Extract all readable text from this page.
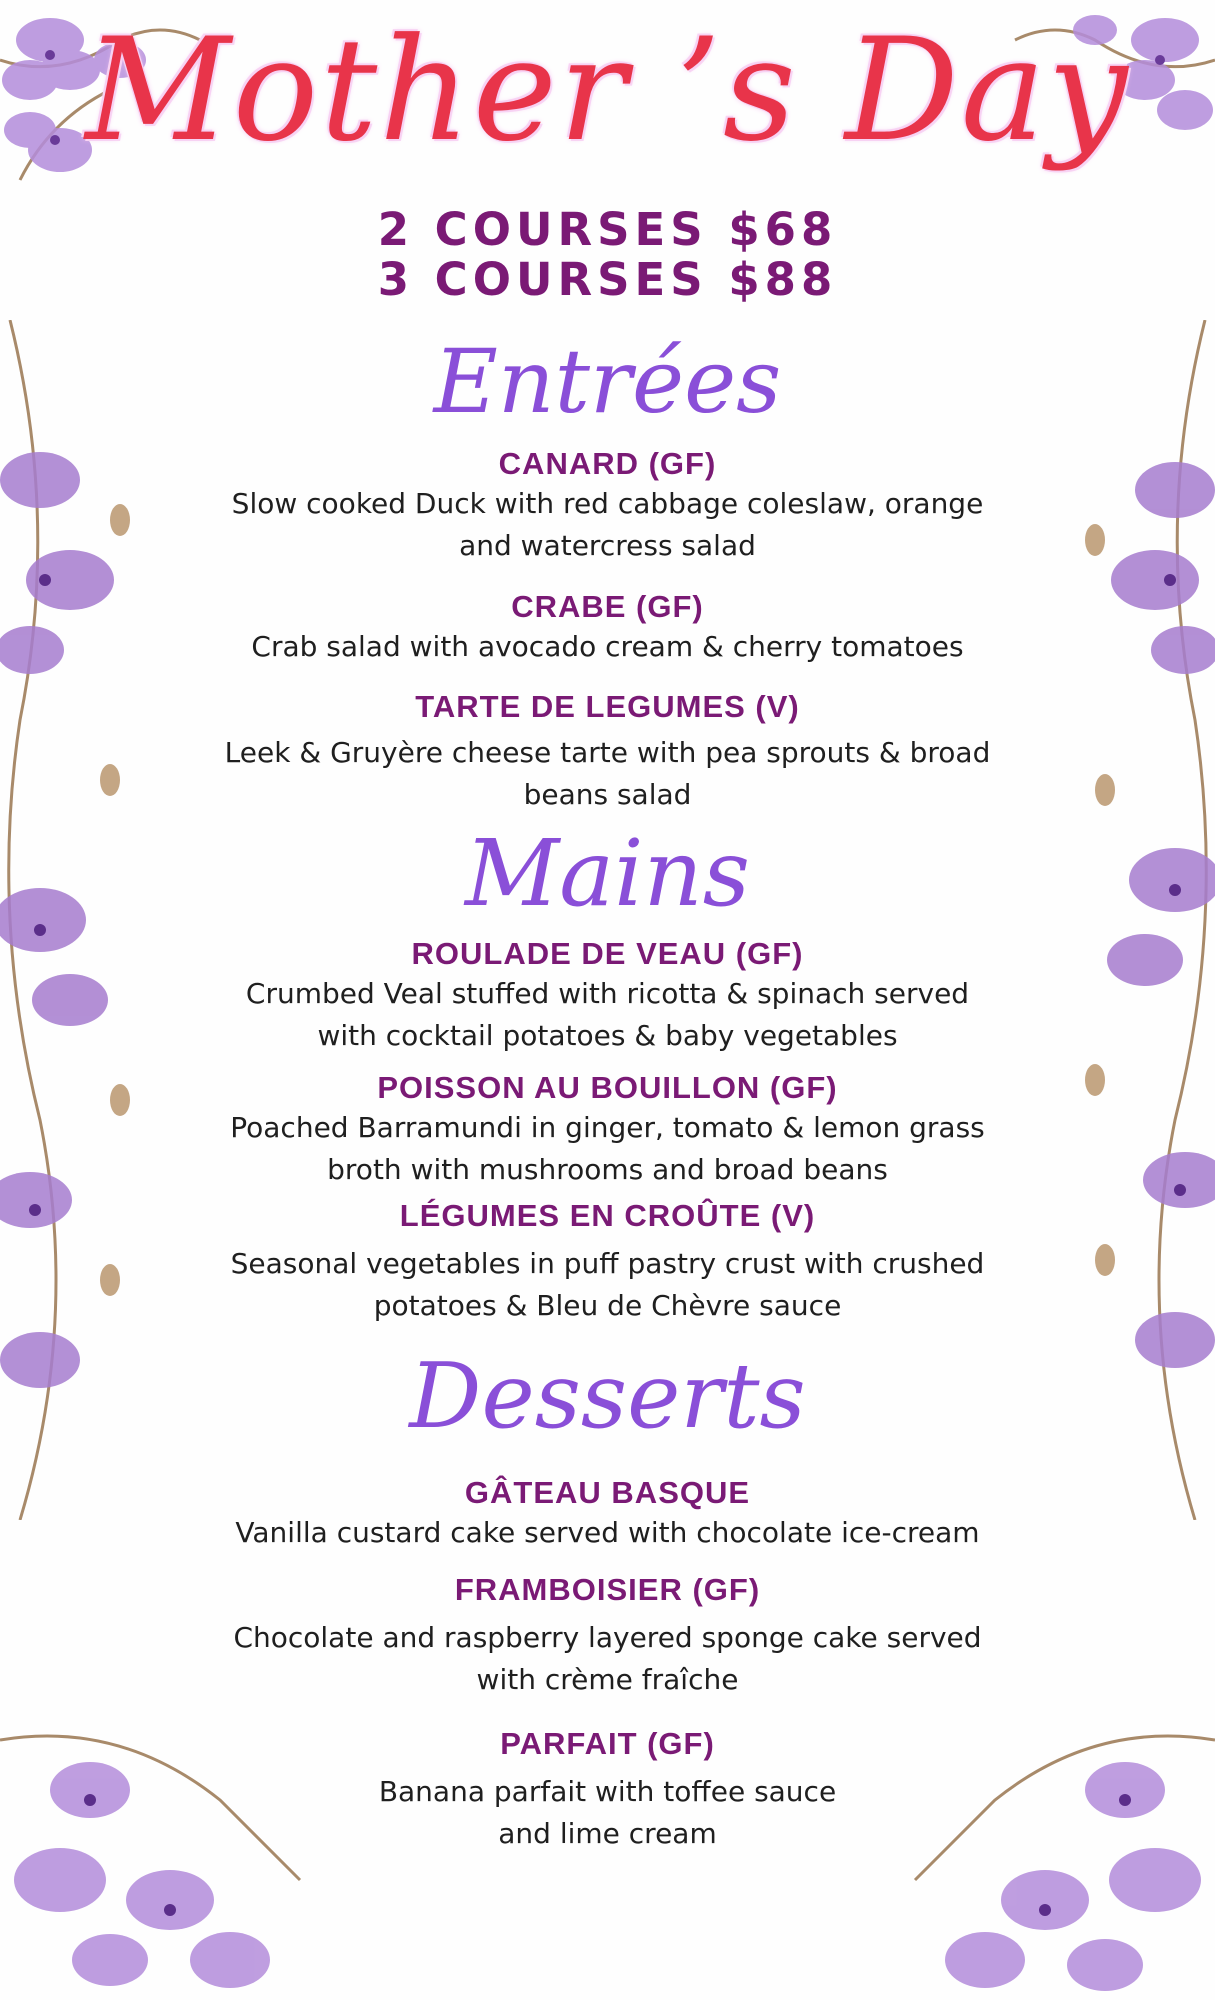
Mother ’s Day
2 COURSES $68
3 COURSES $88
Entrées
CANARD (GF)
Slow cooked Duck with red cabbage coleslaw, orange
and watercress salad
CRABE (GF)
Crab salad with avocado cream & cherry tomatoes
TARTE DE LEGUMES (V)
Leek & Gruyère cheese tarte with pea sprouts & broad
beans salad
Mains
ROULADE DE VEAU (GF)
Crumbed Veal stuffed with ricotta & spinach served
with cocktail potatoes & baby vegetables
POISSON AU BOUILLON (GF)
Poached Barramundi in ginger, tomato & lemon grass
broth with mushrooms and broad beans
LÉGUMES EN CROÛTE (V)
Seasonal vegetables in puff pastry crust with crushed
potatoes & Bleu de Chèvre sauce
Desserts
GÂTEAU BASQUE
Vanilla custard cake served with chocolate ice-cream
FRAMBOISIER (GF)
Chocolate and raspberry layered sponge cake served
with crème fraîche
PARFAIT (GF)
Banana parfait with toffee sauce
and lime cream
